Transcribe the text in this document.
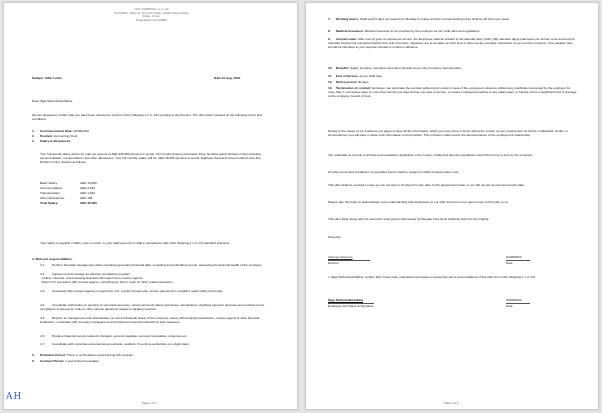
OGC SHIPPING L.L.C.-FZ
Ored Bank, office 21, The One Tower, Sheikh Zayed Road,
Dubai, U.A.E.
Registration No:106089
Subject: Offer Letter	Date 01 Aug, 2022
Dear Olga Shchebukhchikina,
We are pleased to confirm that you have been selected to work for OGC Shipping L.L.C.-FZ reporting to the Director. The offer letter is based on the following terms and conditions.
1. Commencement Date: 10/08/2022
2. Position: Accounting Clerk
3. Salary & Allowances:
Your full annual salary will be for total net amount of AED 220'380 (amount in words. Two hundred twenty thousand, three hundred eighty Dirhams Only) including accommodation, transportation, and other allowances. Your full monthly salary will be: AED 18,365 (amount in words. Eighteen thousand, three hundred sixty-five Dirhams Only), divided as follows:
Basic Salary:	AED 12,890
Accommodation:	AED 3,640
Transportation:	AED 1,640
Other Allowances:	AED 195
Total Salary:	AED 18,365
Your salary is payable in AED, once a month, to your bank account in UAE in accordance with OGC Shipping L.L.C.-FZ standard practices.
4. Main job responsibilities:
4.1. Perform financial management duties including generating financial data, compiling and submitting reports, assessing the financial health of the company.
4.2. Implement and manage an effective compliance program:
- Collect, interpret, and reviewing financial information from counter-agents.
- Pass KYC procedure with counter-agents, compiling kyc forms, reply on other related questions.
4.3. Cooperate with counter-agents on payments, incl. receipt of payments, ensure payments to suppliers reach safely and timely.
4.4. Coordinate with banks on opening of new bank accounts, current accounts status and issues, transactions, clarifying payment purposes and contract terms, compliance of payments, reply to other various questions related to banking services.
4.5. Reports to management and shareholders on current financial status of the company, issues with banking transactions, counter-agents & other financial institutions, coordinate with company management and implement relevant instructions and measures.
4.6. Produce financial reports related to budgets, account payables, account receivables, expenses etc.
4.7. Coordinate with corporate and external accountants, auditors, Free Zone authorities on a daily basis.
5. Probation Period: There is no Probation period during this contract.
6. Contract Period: 1 year limited renewable.
Page 1 of 2
AH
7. Working Hours: Shall work 5 days per week from Monday to Friday and the normal working hours shall be 45 hours per week.
8. Medical Insurance: Medical Insurance to be provided by the employer as per UAE rules and regulations.
9. Annual Leave: After one (1) year of continuous service, the Employee shall be entitled to 30 calendar days' (thirty (30) calendar days) paid leave per annum to be accrued pro rata after he/she has completed his/her first year of service. Vacations are to be taken at such time or times as are mutually convenient to you and the company. Your vacation plan should be intimated to your superior at least 2 months in advance.
10. Benefits: Salary increase, incentives and other benefits as per the Company internal policy.
11. End of Service: as per UAE Law.
12. Notice period: 30 days
13. Termination of contract: Employer can terminate the contract without prior notice in case of the employee's absence without any justification accepted by the employer for more than 7 successive days or more than twenty-one days during one year of service, or incase employee breaches to any salary laws, or he/she incurs a significant loss or damage to the company, breach of trust.
During to the nature of our business you agree to keep all the information, which you may come to know during the course of your employment as strictly confidential. Under no circumstances you will pass or allow such information to third parties. This provision shall survive the discontinuance of the employment relationship.
You undertake to commit to all laws and regulations applicable in the country (UAE) and also the regulations issued from time to time by the company.
All other terms and conditions not specified herein shall be subject to UAE's Federal Labor Law.
This offer shall be revoked in case you do not sign in 10 days from the date of this appointment letter or you did not join at commencement date.
Please sign this letter to acknowledge your understanding and acceptance to our offer and return one signed copy of the letter to us.
This offer letter along with the electronic work permit card issued by Meydan Free Zone Authority will form the original.
Sincerely,
Aleksejs Melevins
Director
01/08/2022
Date
I, Olga Shchebukhchikina, confirm that I have read, understand and agree to accept the terms and conditions of this offer from OGC Shipping L.L.C.-FZ
Olga Shchebukhchikina
Employee Full Name & Signature
01/08/2022
Date
Page 2 of 2
